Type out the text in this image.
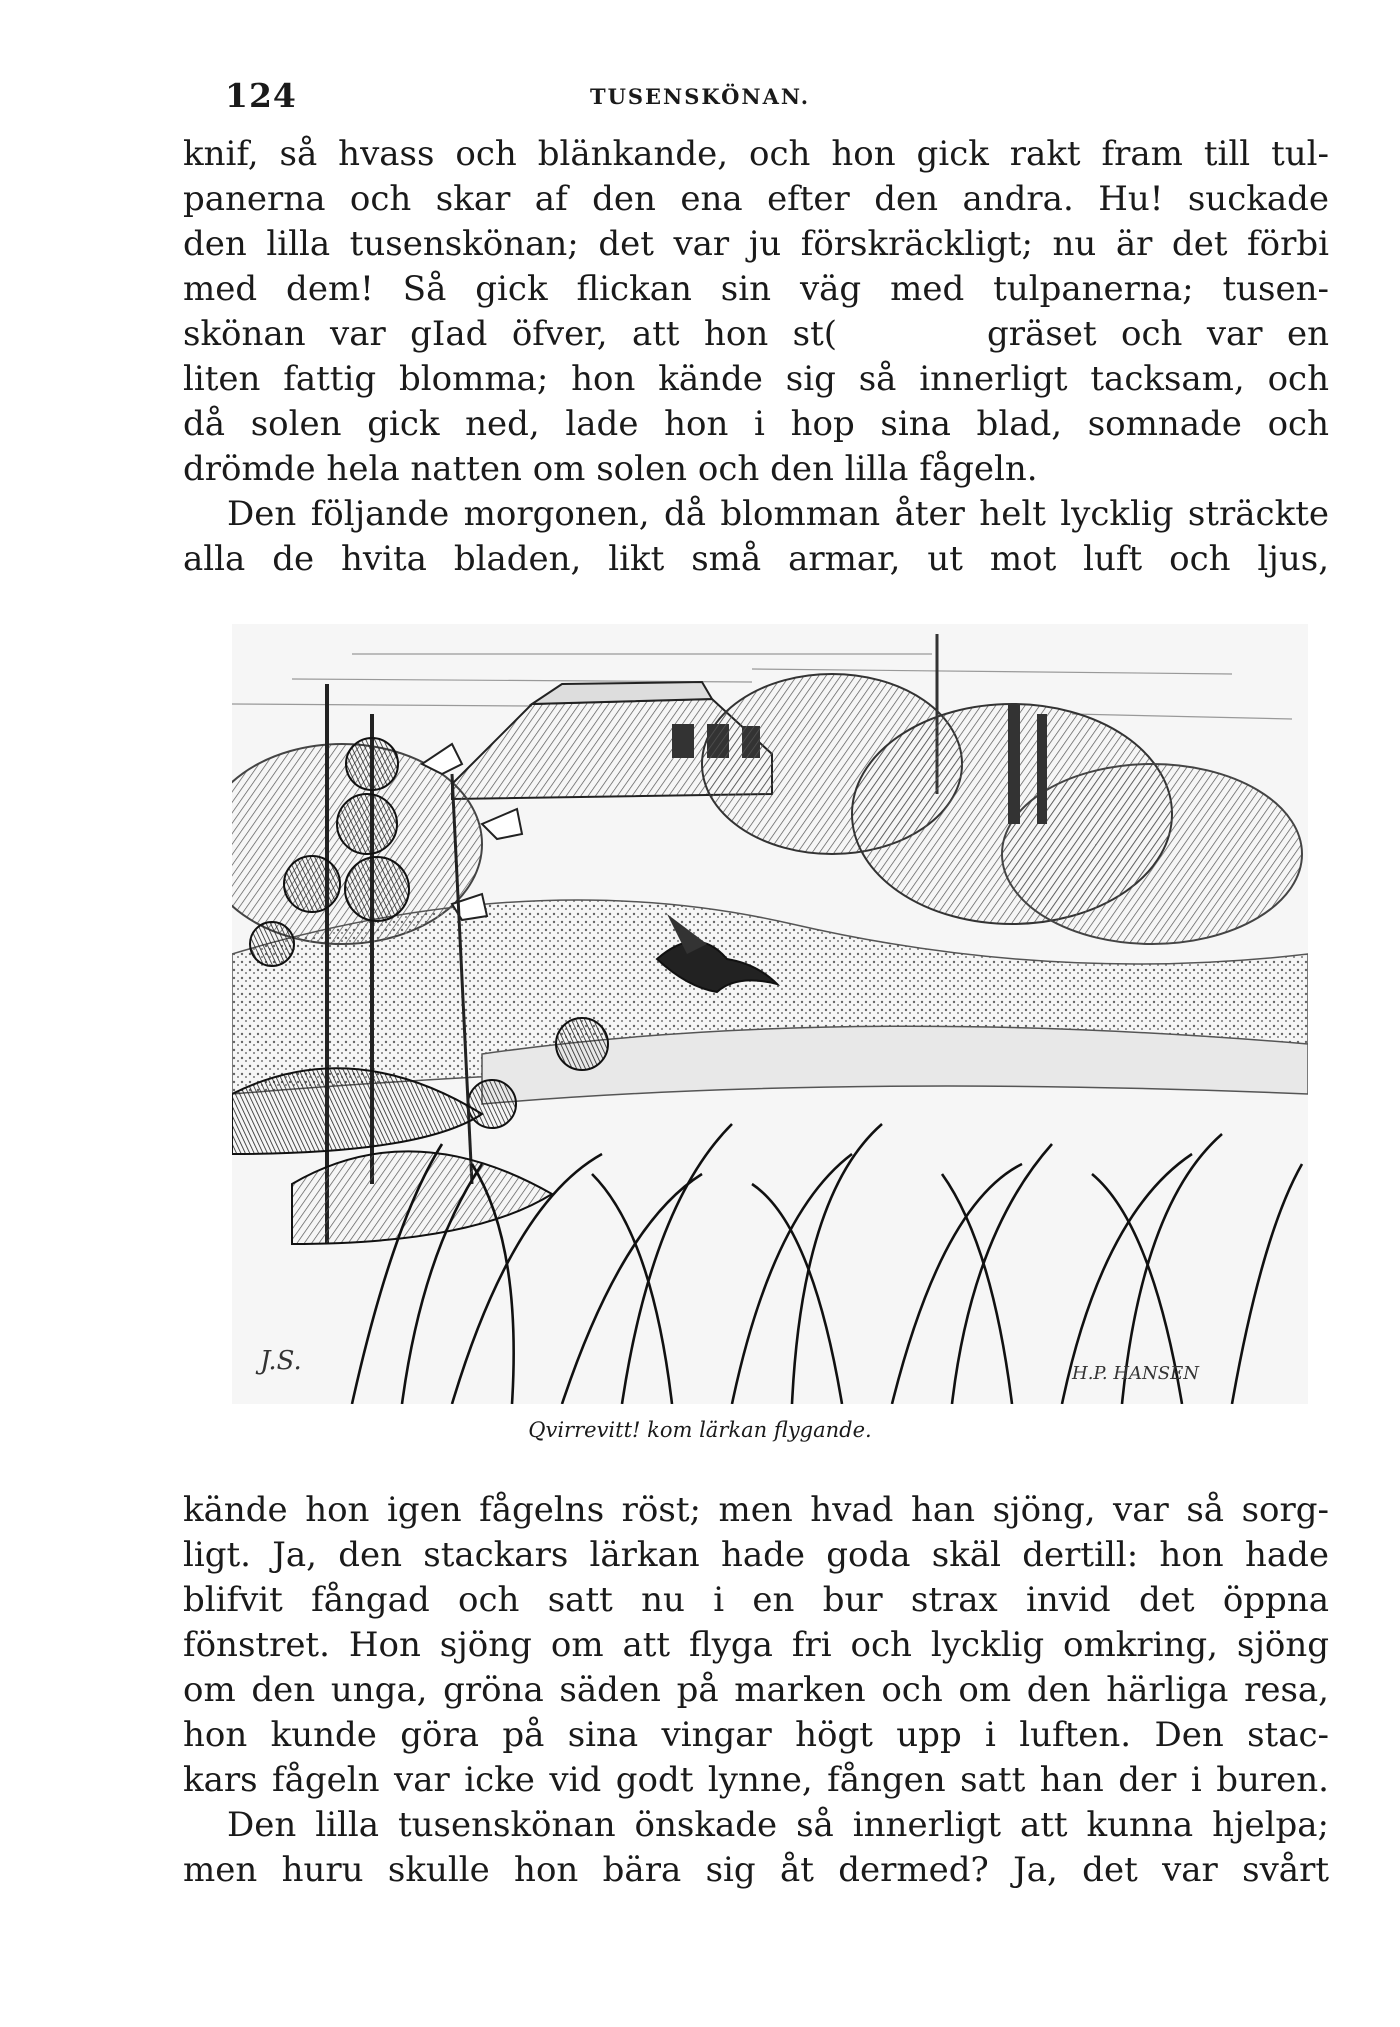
124	TUSENSKÖNAN.
knif, så hvass och blänkande, och hon gick rakt fram till tul-
panerna och skar af den ena efter den andra. Hu! suckade
den lilla tusenskönan; det var ju förskräckligt; nu är det förbi
med dem! Så gick flickan sin väg med tulpanerna; tusen-
skönan var gIad öfver, att hon st(	gräset och var en
liten fattig blomma; hon kände sig så innerligt tacksam, och
då solen gick ned, lade hon i hop sina blad, somnade och
drömde hela natten om solen och den lilla fågeln.
Den följande morgonen, då blomman åter helt lycklig sträckte
alla de hvita bladen, likt små armar, ut mot luft och ljus,
J.S.	H.P. HANSEN
Qvirrevitt! kom lärkan flygande.
kände hon igen fågelns röst; men hvad han sjöng, var så sorg-
ligt. Ja, den stackars lärkan hade goda skäl dertill: hon hade
blifvit fångad och satt nu i en bur strax invid det öppna
fönstret. Hon sjöng om att flyga fri och lycklig omkring, sjöng
om den unga, gröna säden på marken och om den härliga resa,
hon kunde göra på sina vingar högt upp i luften. Den stac-
kars fågeln var icke vid godt lynne, fången satt han der i buren.
Den lilla tusenskönan önskade så innerligt att kunna hjelpa;
men huru skulle hon bära sig åt dermed? Ja, det var svårt
